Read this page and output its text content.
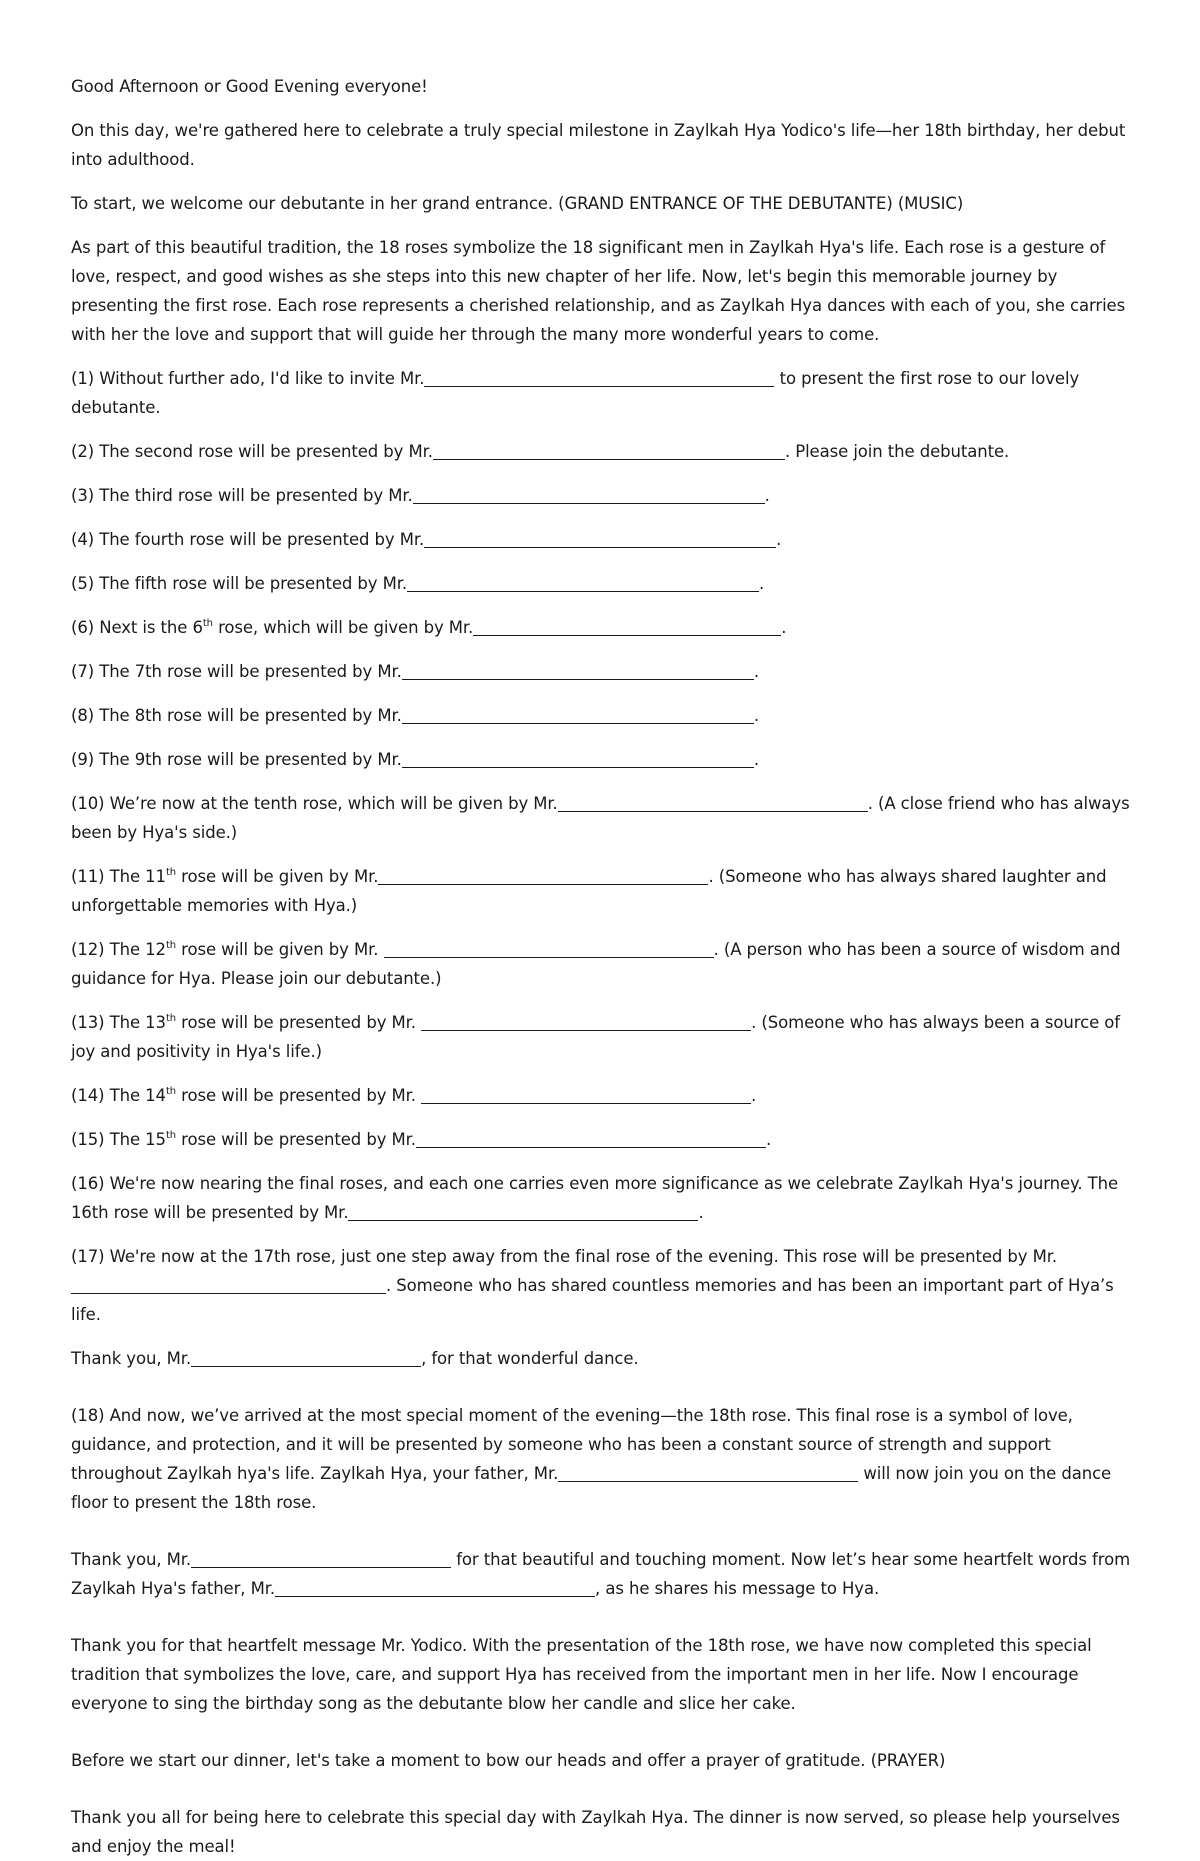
Good Afternoon or Good Evening everyone!

On this day, we're gathered here to celebrate a truly special milestone in Zaylkah Hya Yodico's life—her 18th birthday, her debut into adulthood.

To start, we welcome our debutante in her grand entrance. (GRAND ENTRANCE OF THE DEBUTANTE) (MUSIC)

As part of this beautiful tradition, the 18 roses symbolize the 18 significant men in Zaylkah Hya's life. Each rose is a gesture of love, respect, and good wishes as she steps into this new chapter of her life. Now, let's begin this memorable journey by presenting the first rose. Each rose represents a cherished relationship, and as Zaylkah Hya dances with each of you, she carries with her the love and support that will guide her through the many more wonderful years to come.

(1) Without further ado, I'd like to invite Mr.	to present the first rose to our lovely debutante.

(2) The second rose will be presented by Mr.	. Please join the debutante.

(3) The third rose will be presented by Mr.	.

(4) The fourth rose will be presented by Mr.	.

(5) The fifth rose will be presented by Mr.	.

(6) Next is the 6th rose, which will be given by Mr.	.

(7) The 7th rose will be presented by Mr.	.

(8) The 8th rose will be presented by Mr.	.

(9) The 9th rose will be presented by Mr.	.

(10) We’re now at the tenth rose, which will be given by Mr.	. (A close friend who has always been by Hya's side.)

(11) The 11th rose will be given by Mr.	. (Someone who has always shared laughter and unforgettable memories with Hya.)

(12) The 12th rose will be given by Mr.	. (A person who has been a source of wisdom and guidance for Hya. Please join our debutante.)

(13) The 13th rose will be presented by Mr.	. (Someone who has always been a source of joy and positivity in Hya's life.)

(14) The 14th rose will be presented by Mr.	.

(15) The 15th rose will be presented by Mr.	.

(16) We're now nearing the final roses, and each one carries even more significance as we celebrate Zaylkah Hya's journey. The 16th rose will be presented by Mr.	.

(17) We're now at the 17th rose, just one step away from the final rose of the evening. This rose will be presented by Mr. . Someone who has shared countless memories and has been an important part of Hya’s life.

Thank you, Mr.	, for that wonderful dance.

(18) And now, we’ve arrived at the most special moment of the evening—the 18th rose. This final rose is a symbol of love, guidance, and protection, and it will be presented by someone who has been a constant source of strength and support throughout Zaylkah hya's life. Zaylkah Hya, your father, Mr.	will now join you on the dance floor to present the 18th rose.

Thank you, Mr.	for that beautiful and touching moment. Now let’s hear some heartfelt words from Zaylkah Hya's father, Mr.	, as he shares his message to Hya.

Thank you for that heartfelt message Mr. Yodico. With the presentation of the 18th rose, we have now completed this special tradition that symbolizes the love, care, and support Hya has received from the important men in her life. Now I encourage everyone to sing the birthday song as the debutante blow her candle and slice her cake.

Before we start our dinner, let's take a moment to bow our heads and offer a prayer of gratitude. (PRAYER)

Thank you all for being here to celebrate this special day with Zaylkah Hya. The dinner is now served, so please help yourselves and enjoy the meal!
